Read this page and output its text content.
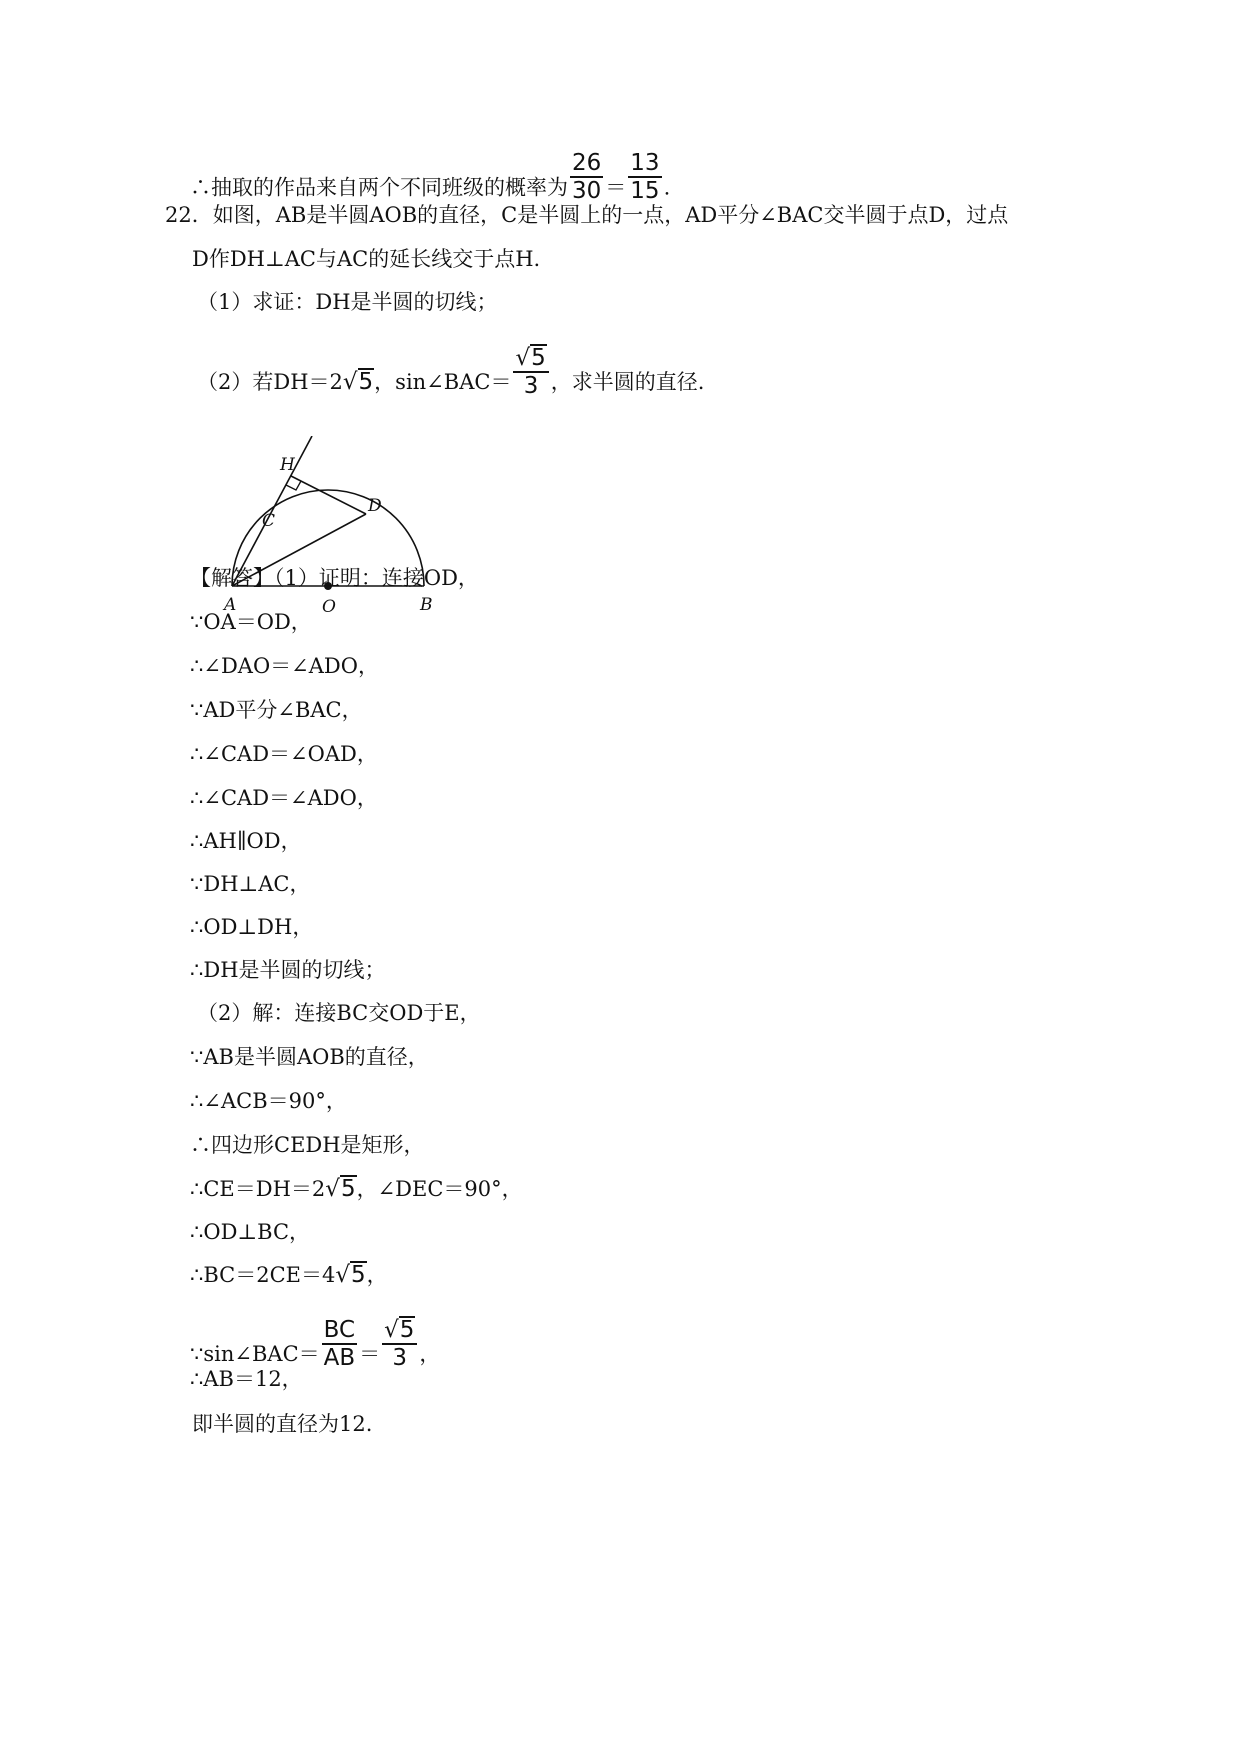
∴抽取的作品来自两个不同班级的概率为 $\frac{26}{30} = \frac{13}{15}$ .
22．如图，AB是半圆AOB的直径，C是半圆上的一点，AD平分∠BAC交半圆于点D，过点
D作DH⊥AC与AC的延长线交于点H.
（1）求证：DH是半圆的切线；
（2）若DH＝2√5，sin∠BAC＝ $\frac{√5}{3}$ ，求半圆的直径.
H
C
D
A	O	B
【解答】（1）证明：连接OD，
∵OA＝OD，
∴∠DAO＝∠ADO，
∵AD平分∠BAC，
∴∠CAD＝∠OAD，
∴∠CAD＝∠ADO，
∴AH∥OD，
∵DH⊥AC，
∴OD⊥DH，
∴DH是半圆的切线；
（2）解：连接BC交OD于E，
∵AB是半圆AOB的直径，
∴∠ACB＝90°，
∴四边形CEDH是矩形，
∴CE＝DH＝2√5，∠DEC＝90°，
∴OD⊥BC，
∴BC＝2CE＝4√5，
∵sin∠BAC＝ $\frac{BC}{AB} = \frac{√5}{3}$ ，
∴AB＝12，
即半圆的直径为12.
